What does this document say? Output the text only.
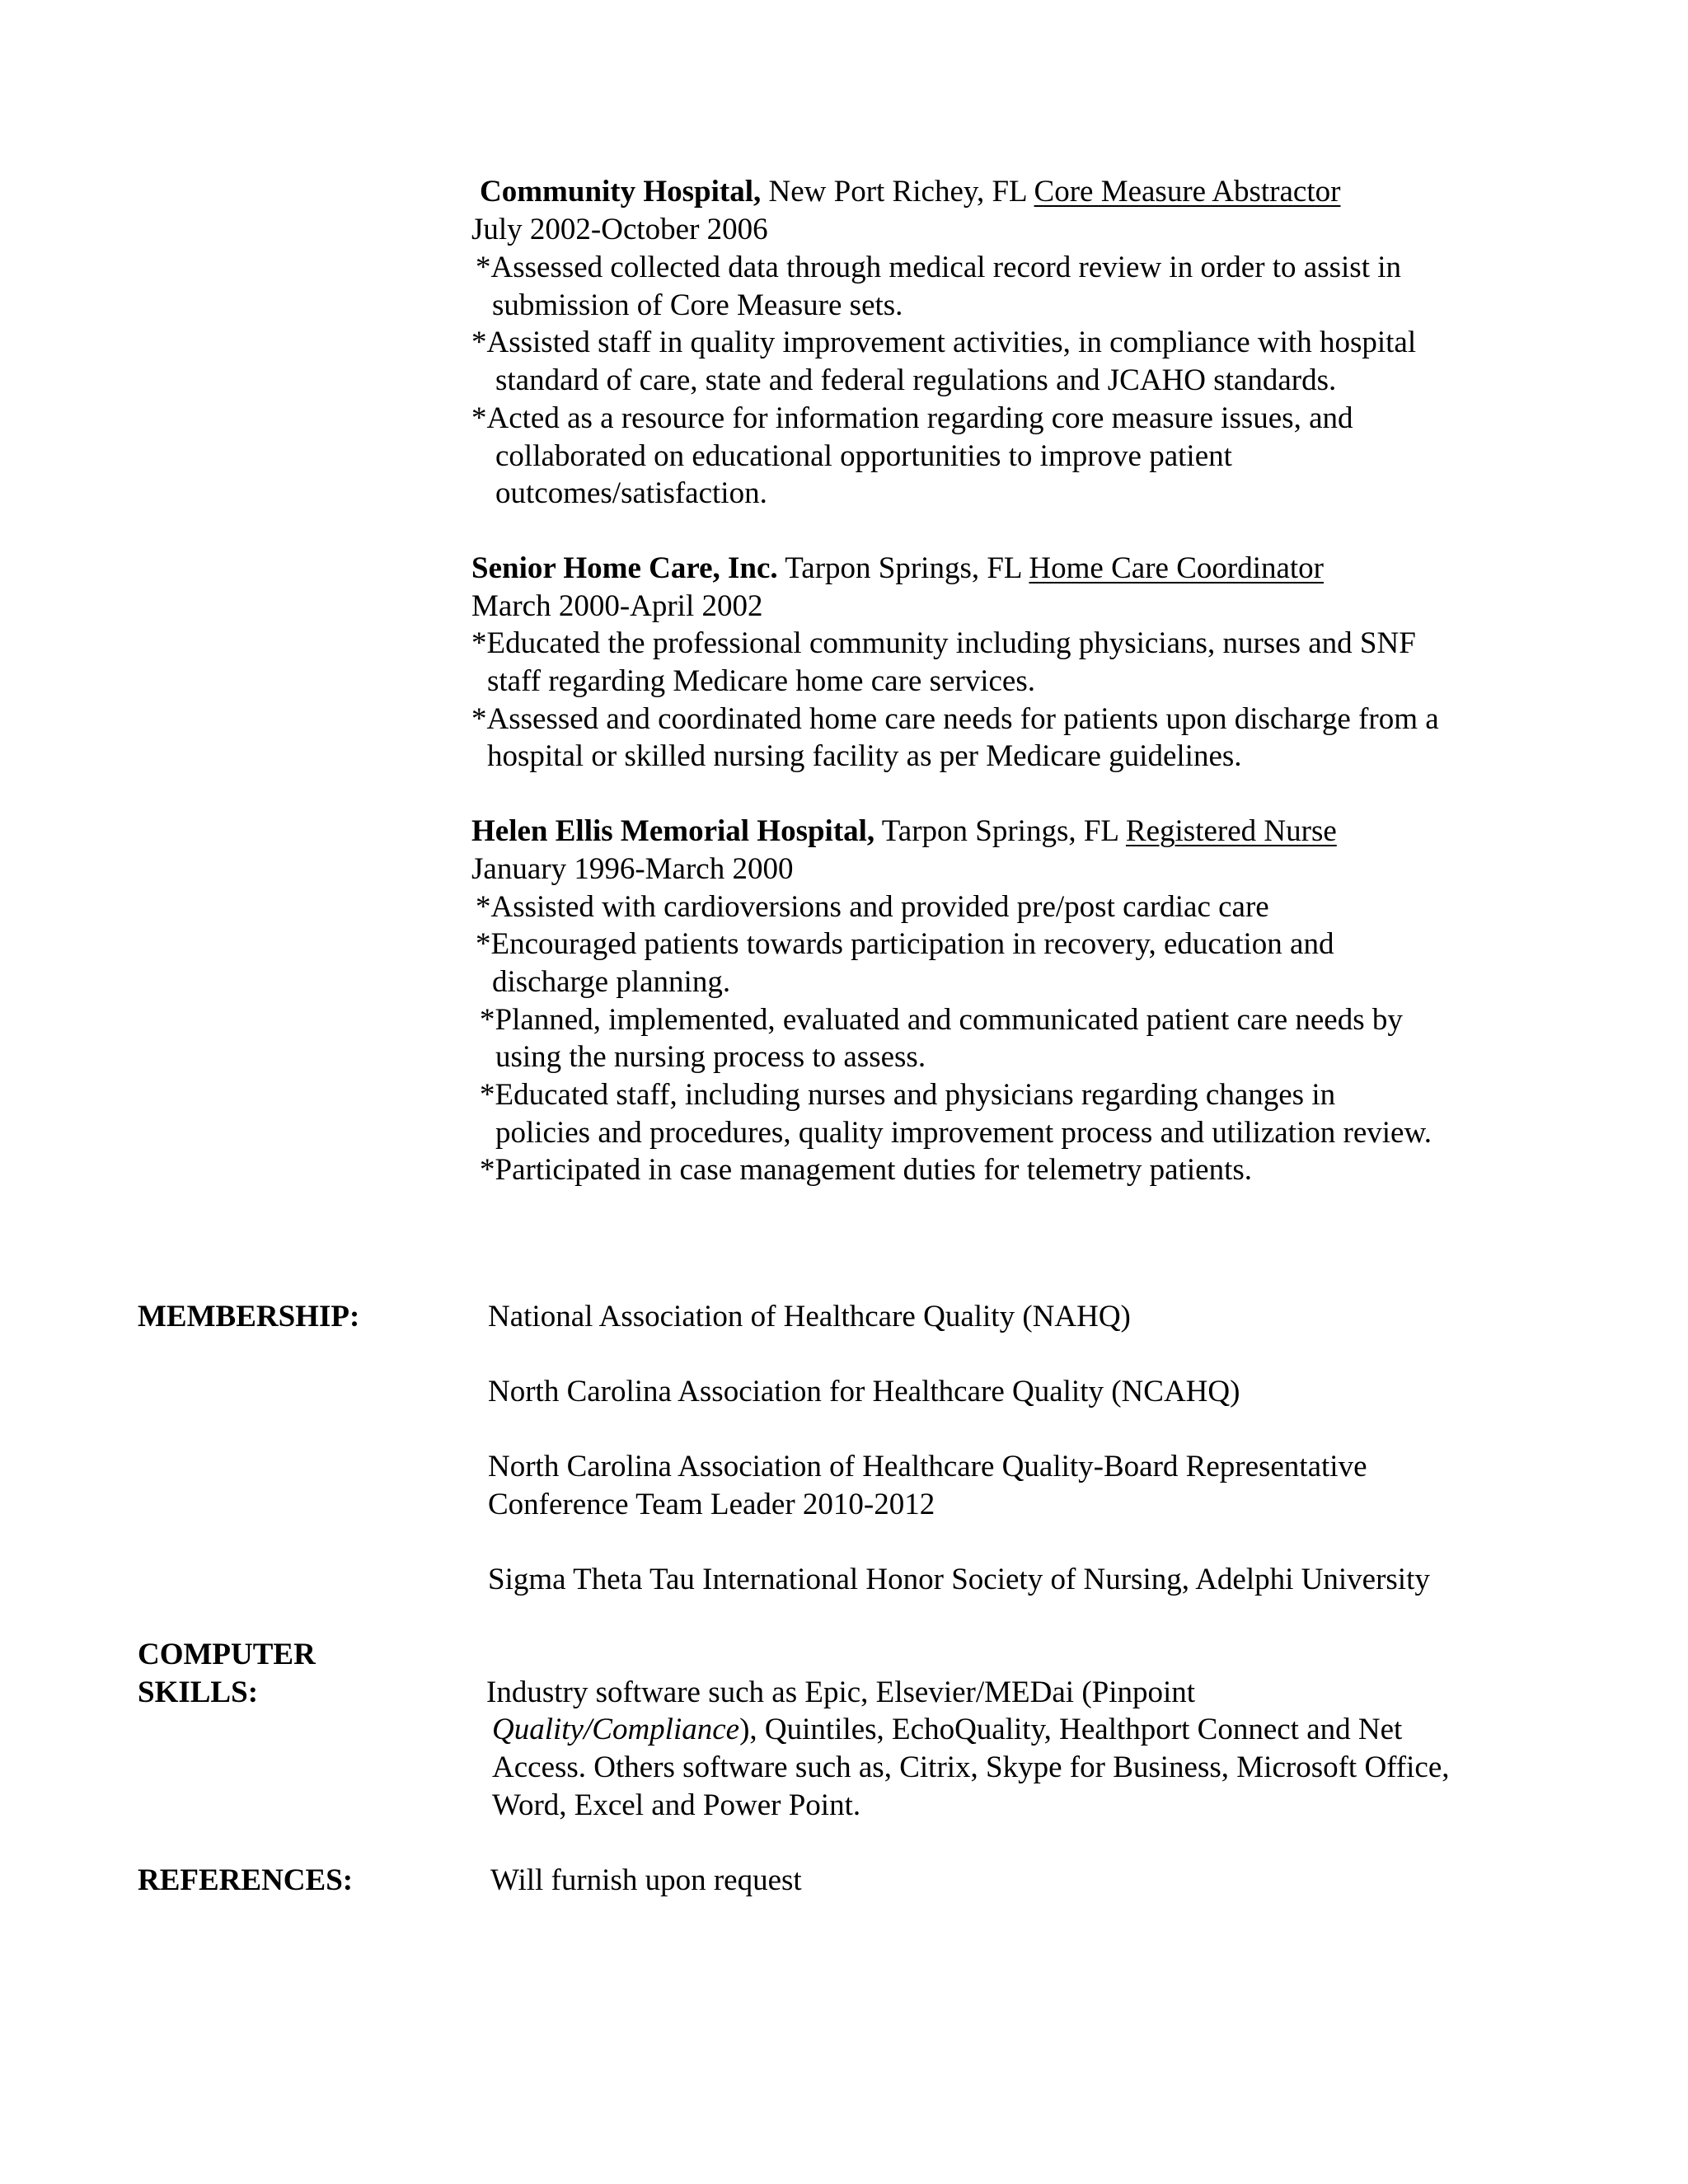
Community Hospital, New Port Richey, FL Core Measure Abstractor
July 2002-October 2006
*Assessed collected data through medical record review in order to assist in
submission of Core Measure sets.
*Assisted staff in quality improvement activities, in compliance with hospital
standard of care, state and federal regulations and JCAHO standards.
*Acted as a resource for information regarding core measure issues, and
collaborated on educational opportunities to improve patient
outcomes/satisfaction.
Senior Home Care, Inc. Tarpon Springs, FL Home Care Coordinator
March 2000-April 2002
*Educated the professional community including physicians, nurses and SNF
staff regarding Medicare home care services.
*Assessed and coordinated home care needs for patients upon discharge from a
hospital or skilled nursing facility as per Medicare guidelines.
Helen Ellis Memorial Hospital, Tarpon Springs, FL Registered Nurse
January 1996-March 2000
*Assisted with cardioversions and provided pre/post cardiac care
*Encouraged patients towards participation in recovery, education and
discharge planning.
*Planned, implemented, evaluated and communicated patient care needs by
using the nursing process to assess.
*Educated staff, including nurses and physicians regarding changes in
policies and procedures, quality improvement process and utilization review.
*Participated in case management duties for telemetry patients.
MEMBERSHIP:	National Association of Healthcare Quality (NAHQ)
North Carolina Association for Healthcare Quality (NCAHQ)
North Carolina Association of Healthcare Quality-Board Representative
Conference Team Leader 2010-2012
Sigma Theta Tau International Honor Society of Nursing, Adelphi University
COMPUTER
SKILLS:	Industry software such as Epic, Elsevier/MEDai (Pinpoint
Quality/Compliance), Quintiles, EchoQuality, Healthport Connect and Net
Access. Others software such as, Citrix, Skype for Business, Microsoft Office,
Word, Excel and Power Point.
REFERENCES:	Will furnish upon request
